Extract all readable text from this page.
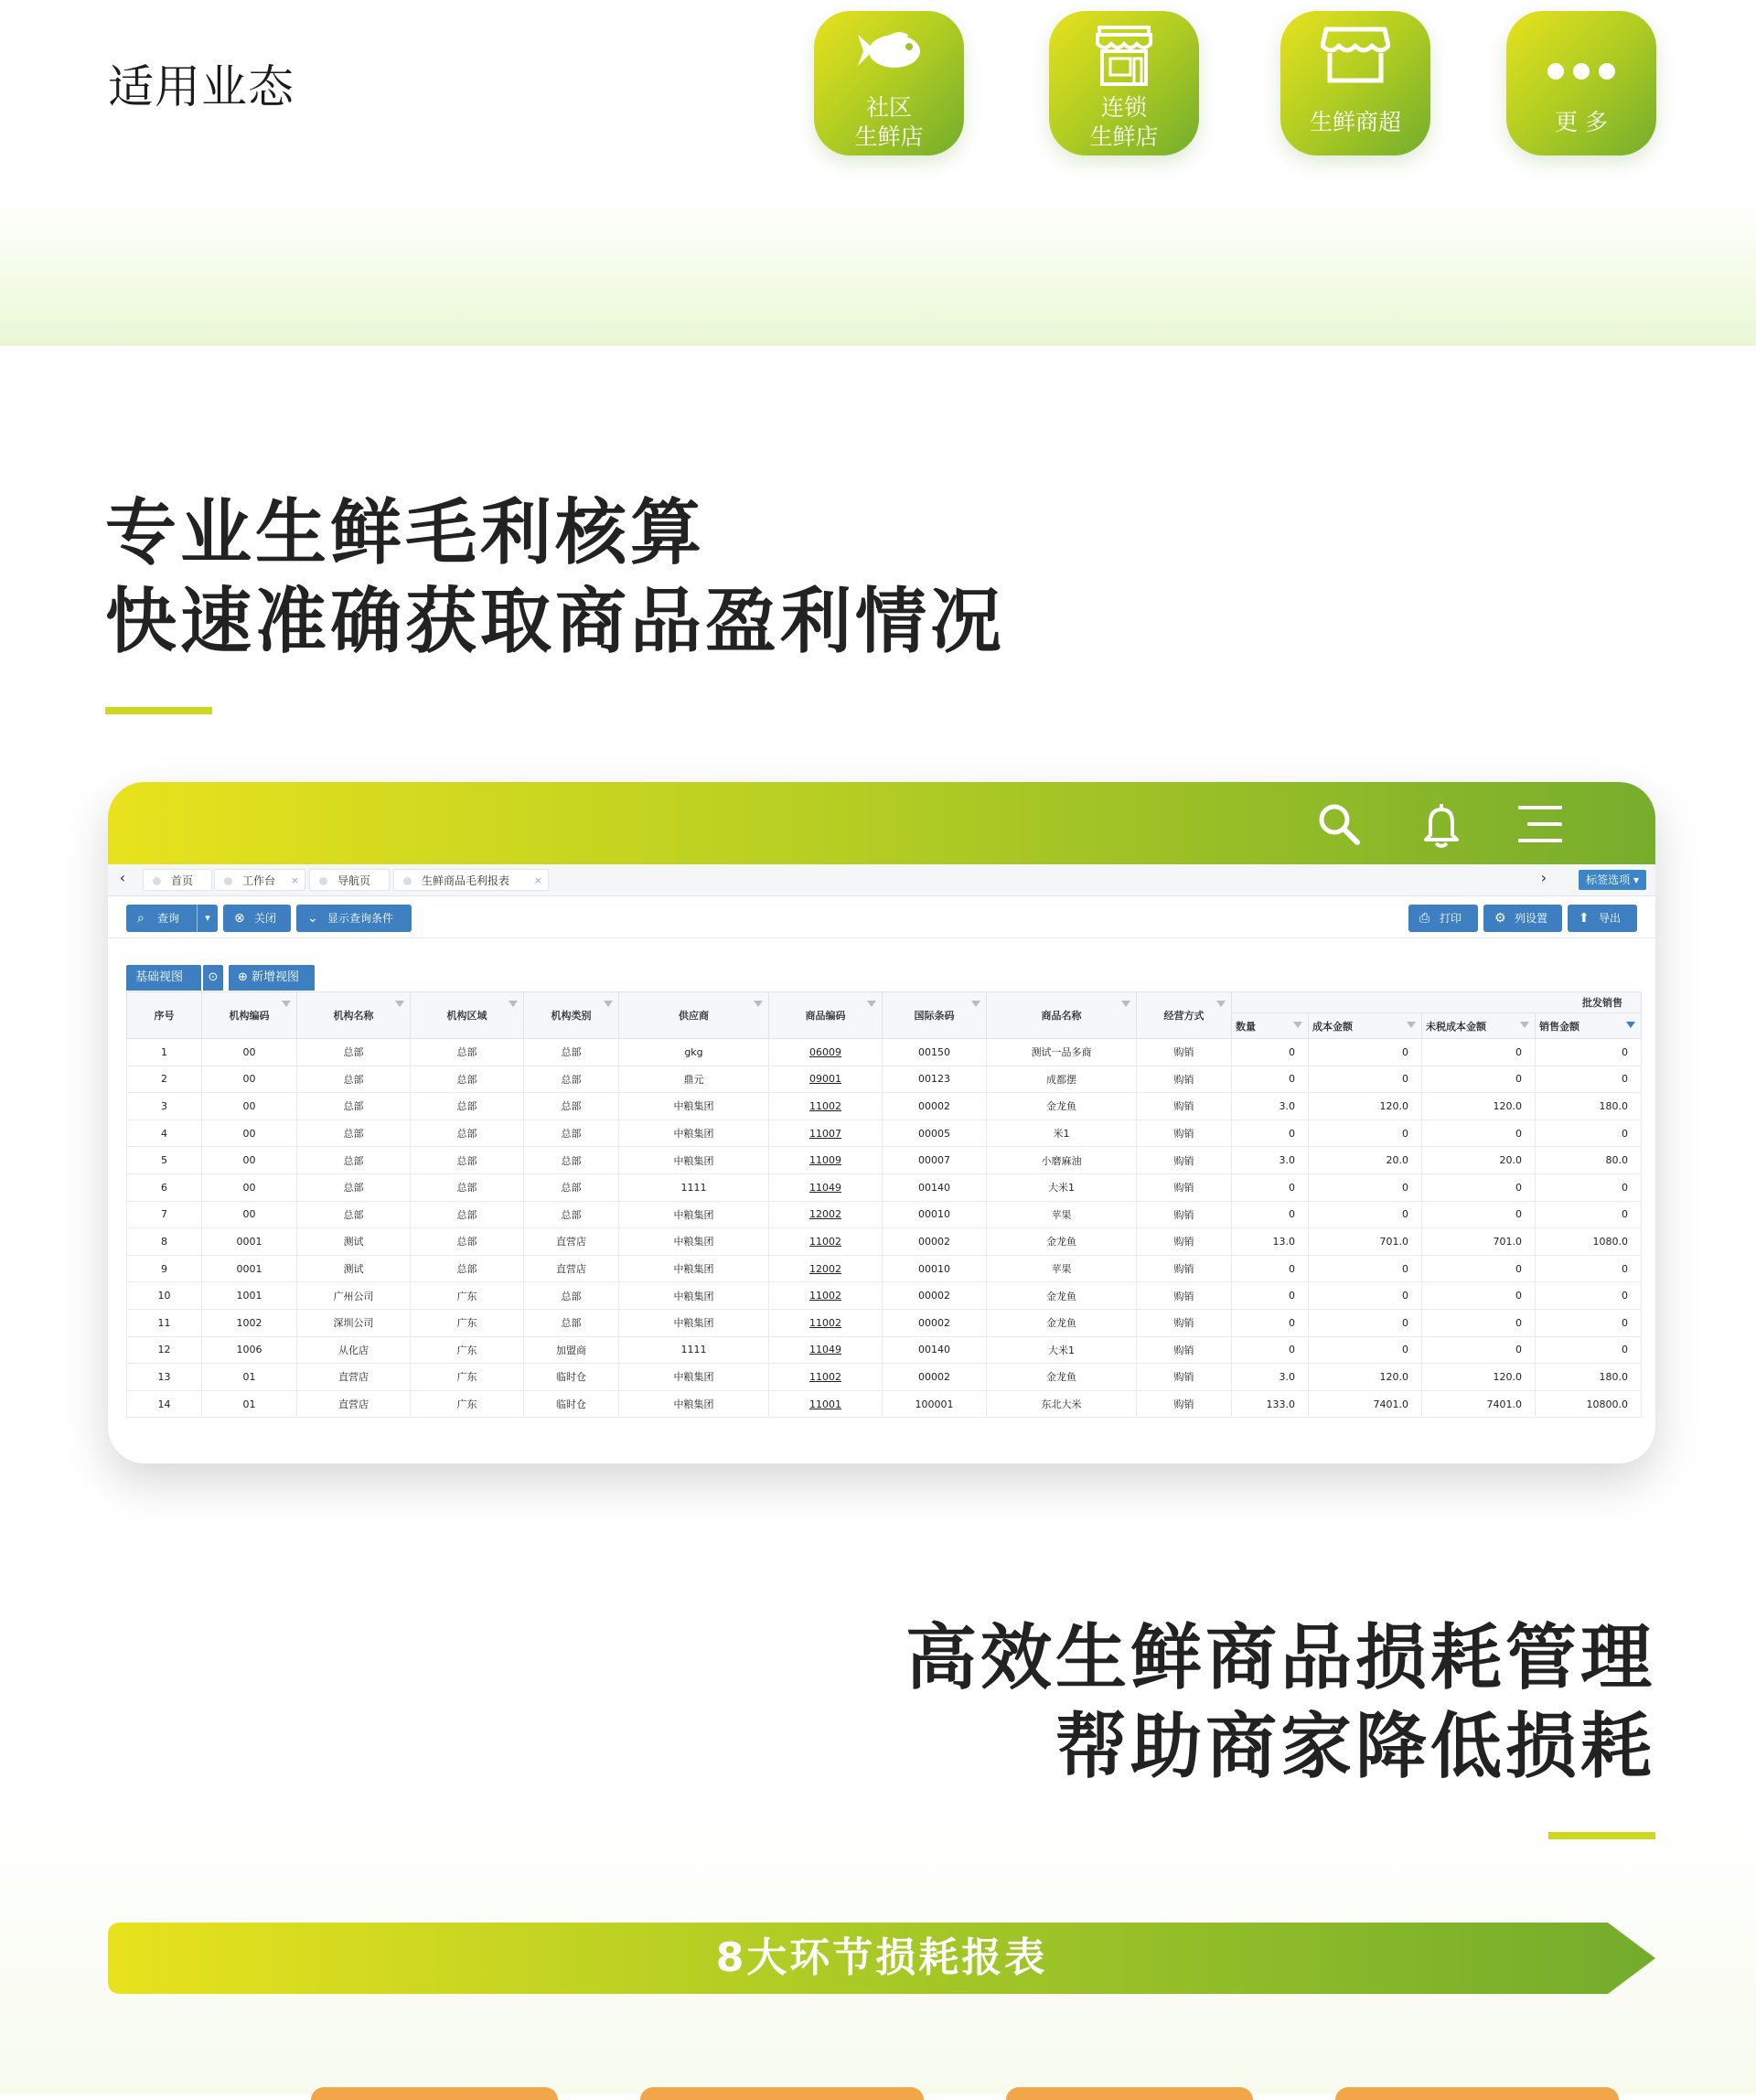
适用业态	社区
生鲜店
连锁
生鲜店
生鲜商超	更 多
专业生鲜毛利核算
快速准确获取商品盈利情况
‹	首页	工作台 ×	导航页	生鲜商品毛利报表 ×	›	标签选项 ▾
⌕ 查询	▾	⊗ 关闭	⌄ 显示查询条件	⎙ 打印	⚙ 列设置	⬆ 导出
基础视图	⊙	⊕ 新增视图
序号	机构编码	机构名称	机构区域	机构类别	供应商	商品编码	国际条码	商品名称	经营方式	批发销售			
										数量	成本金额	未税成本金额	销售金额

1	00	总部	总部	总部	gkg	06009	00150	测试一品多商	购销	0	0	0	0
2	00	总部	总部	总部	鼎元	09001	00123	成都摆	购销	0	0	0	0
3	00	总部	总部	总部	中粮集团	11002	00002	金龙鱼	购销	3.0	120.0	120.0	180.0
4	00	总部	总部	总部	中粮集团	11007	00005	米1	购销	0	0	0	0
5	00	总部	总部	总部	中粮集团	11009	00007	小磨麻油	购销	3.0	20.0	20.0	80.0
6	00	总部	总部	总部	1111	11049	00140	大米1	购销	0	0	0	0
7	00	总部	总部	总部	中粮集团	12002	00010	苹果	购销	0	0	0	0
8	0001	测试	总部	直营店	中粮集团	11002	00002	金龙鱼	购销	13.0	701.0	701.0	1080.0
9	0001	测试	总部	直营店	中粮集团	12002	00010	苹果	购销	0	0	0	0
10	1001	广州公司	广东	总部	中粮集团	11002	00002	金龙鱼	购销	0	0	0	0
11	1002	深圳公司	广东	总部	中粮集团	11002	00002	金龙鱼	购销	0	0	0	0
12	1006	从化店	广东	加盟商	1111	11049	00140	大米1	购销	0	0	0	0
13	01	直营店	广东	临时仓	中粮集团	11002	00002	金龙鱼	购销	3.0	120.0	120.0	180.0
14	01	直营店	广东	临时仓	中粮集团	11001	100001	东北大米	购销	133.0	7401.0	7401.0	10800.0
高效生鲜商品损耗管理
帮助商家降低损耗
8大环节损耗报表
